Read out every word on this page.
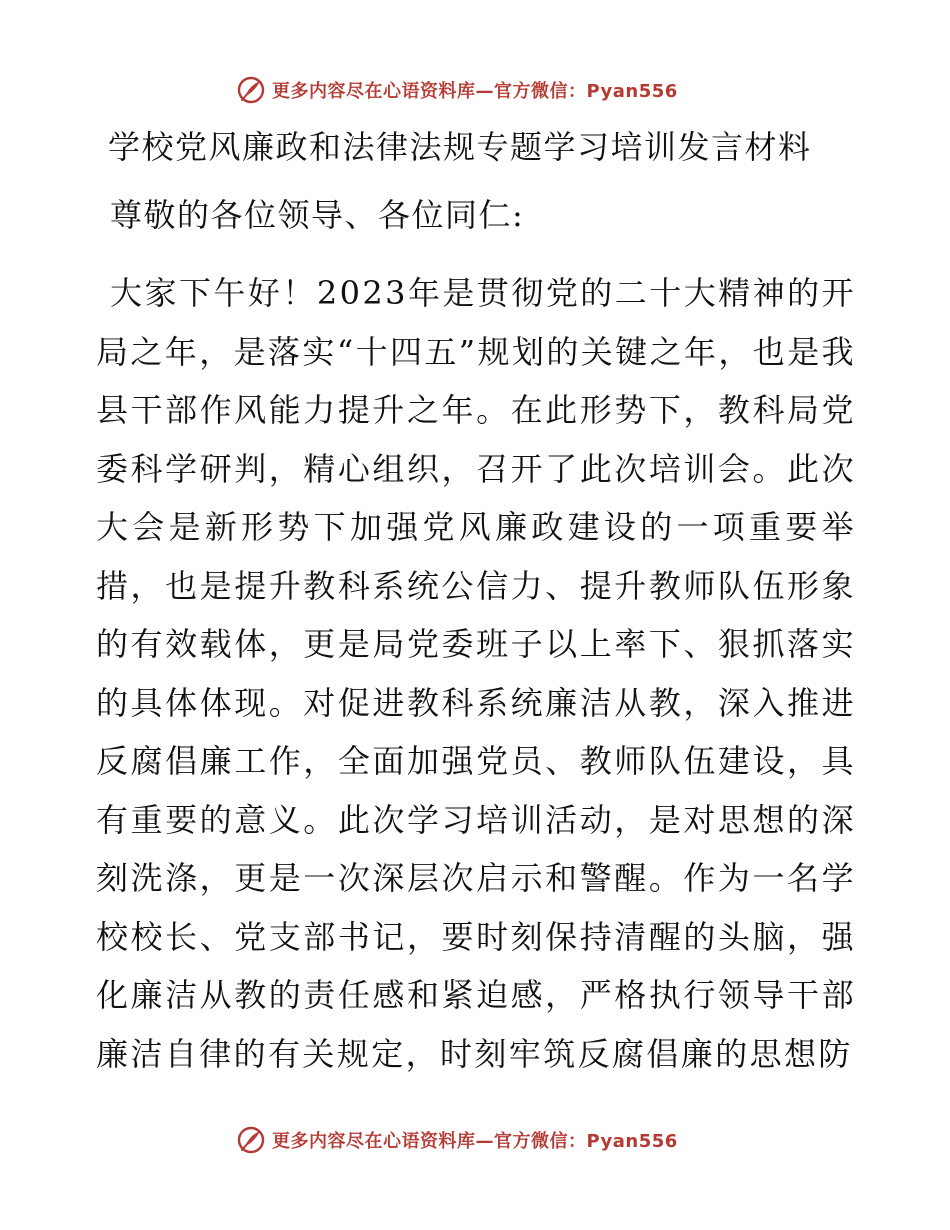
更多内容尽在心语资料库—官方微信：Pyan556
学校党风廉政和法律法规专题学习培训发言材料

尊敬的各位领导、各位同仁:

大家下午好！2023年是贯彻党的二十大精神的开局之年，是落实“十四五”规划的关键之年，也是我县干部作风能力提升之年。在此形势下，教科局党委科学研判，精心组织，召开了此次培训会。此次大会是新形势下加强党风廉政建设的一项重要举措，也是提升教科系统公信力、提升教师队伍形象的有效载体，更是局党委班子以上率下、狠抓落实的具体体现。对促进教科系统廉洁从教，深入推进反腐倡廉工作，全面加强党员、教师队伍建设，具有重要的意义。此次学习培训活动，是对思想的深刻洗涤，更是一次深层次启示和警醒。作为一名学校校长、党支部书记，要时刻保持清醒的头脑，强化廉洁从教的责任感和紧迫感，严格执行领导干部廉洁自律的有关规定，时刻牢筑反腐倡廉的思想防

更多内容尽在心语资料库—官方微信：Pyan556
